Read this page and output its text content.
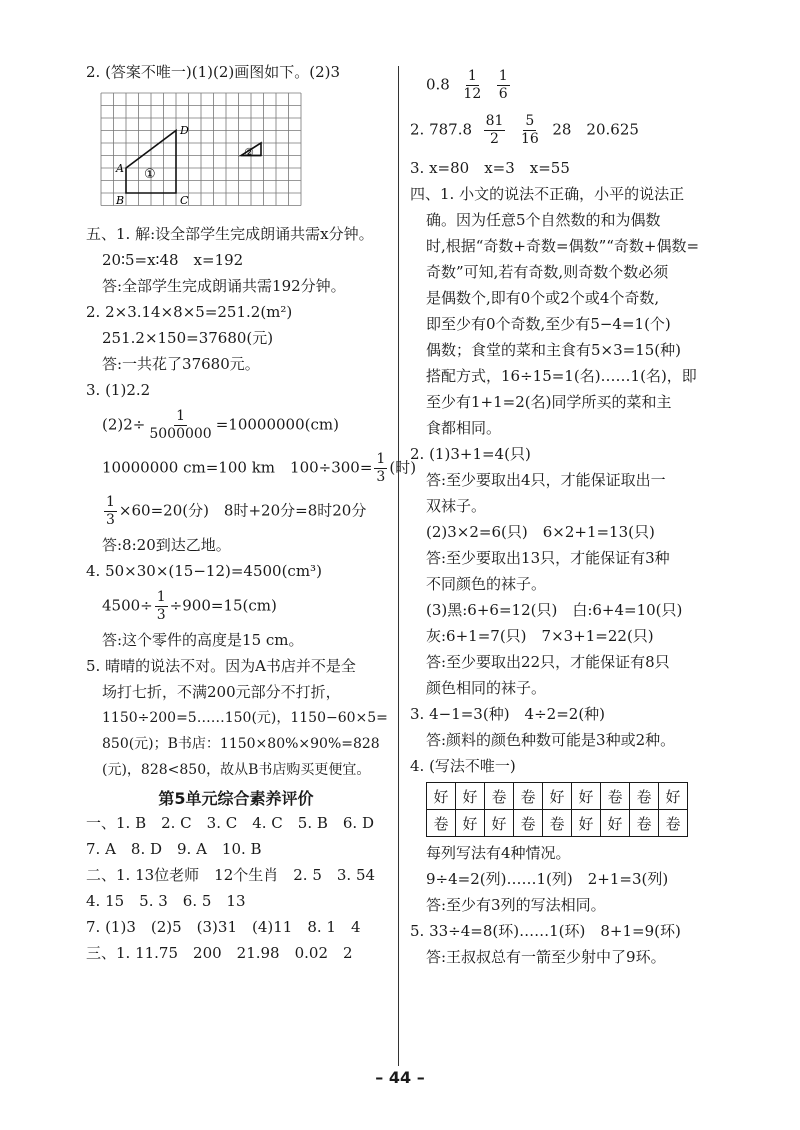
2. (答案不唯一)(1)(2)画图如下。(2)3

A
B	C
D
①
②

五、1. 解:设全部学生完成朗诵共需x分钟。

20∶5=x∶48　x=192

答:全部学生完成朗诵共需192分钟。

2. 2×3.14×8×5=251.2(m²)

251.2×150=37680(元)

答:一共花了37680元。

3. (1)2.2

$(2)2\div \frac{1}{5000000} =10000000(cm)$

10000000 cm=100 km　$100\div 300= \frac{1}{3}$ (时)

$\frac{1}{3} \times 60=20$(分)　8时+20分=8时20分

答:8:20到达乙地。

4. 50×30×(15−12)=4500(cm³)

$4500\div \frac{1}{3} \div 900=15(cm)$

答:这个零件的高度是15 cm。

5. 晴晴的说法不对。因为A书店并不是全

场打七折，不满200元部分不打折，

1150÷200=5……150(元)，1150−60×5=

850(元)；B书店：1150×80%×90%=828

(元)，828<850，故从B书店购买更便宜。

第5单元综合素养评价

一、1. B　2. C　3. C　4. C　5. B　6. D

7. A　8. D　9. A　10. B

二、1. 13位老师　12个生肖　2. 5　3. 54

4. 15　5. 3　6. 5　13

7. (1)3　(2)5　(3)31　(4)11　8. 1　4

三、1. 11.75　200　21.98　0.02　2

$0.8 \frac{1}{12}$
$\frac{1}{6}$

2. $787.8 \frac{81}{2}$
$\frac{5}{16} 28$　20.625

3. x=80　x=3　x=55

四、1. 小文的说法不正确，小平的说法正

确。因为任意5个自然数的和为偶数

时,根据“奇数+奇数=偶数”“奇数+偶数=

奇数”可知,若有奇数,则奇数个数必须

是偶数个,即有0个或2个或4个奇数,

即至少有0个奇数,至少有5−4=1(个)

偶数；食堂的菜和主食有5×3=15(种)

搭配方式，16÷15=1(名)……1(名)，即

至少有1+1=2(名)同学所买的菜和主

食都相同。

2. (1)3+1=4(只)

答:至少要取出4只，才能保证取出一

双袜子。

(2)3×2=6(只)　6×2+1=13(只)

答:至少要取出13只，才能保证有3种

不同颜色的袜子。

(3)黑:6+6=12(只)　白:6+4=10(只)

灰:6+1=7(只)　7×3+1=22(只)

答:至少要取出22只，才能保证有8只

颜色相同的袜子。

3. 4−1=3(种)　4÷2=2(种)

答:颜料的颜色种数可能是3种或2种。

4. (写法不唯一)

好	好	卷	卷	好	好	卷	卷	好
卷	好	好	卷	卷	好	好	卷	卷

每列写法有4种情况。

9÷4=2(列)……1(列)　2+1=3(列)

答:至少有3列的写法相同。

5. 33÷4=8(环)……1(环)　8+1=9(环)

答:王叔叔总有一箭至少射中了9环。

– 44 –
